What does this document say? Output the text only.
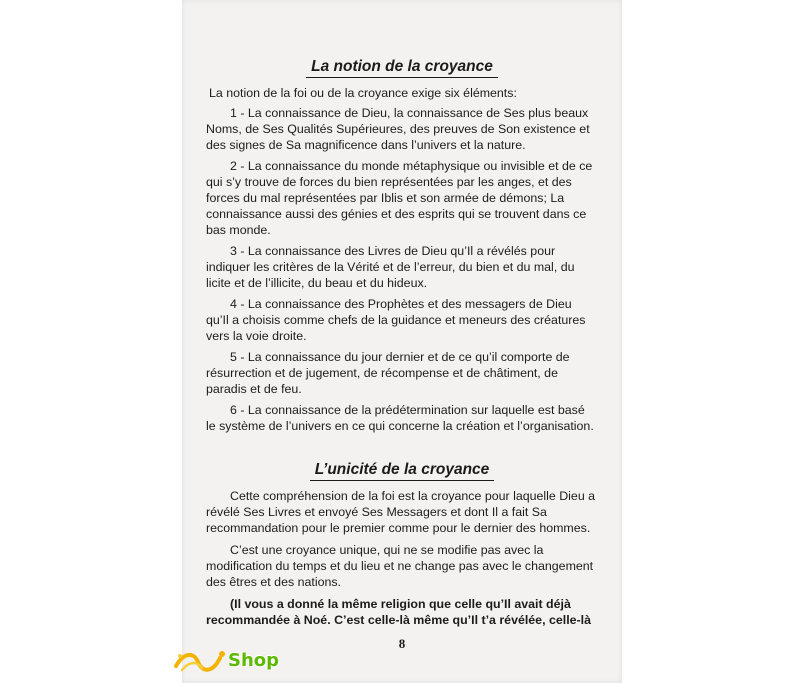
La notion de la croyance
La notion de la foi ou de la croyance exige six éléments:
1 - La connaissance de Dieu, la connaissance de Ses plus beaux
Noms, de Ses Qualités Supérieures, des preuves de Son existence et
des signes de Sa magnificence dans l’univers et la nature.
2 - La connaissance du monde métaphysique ou invisible et de ce
qui s’y trouve de forces du bien représentées par les anges, et des
forces du mal représentées par Iblis et son armée de démons; La
connaissance aussi des génies et des esprits qui se trouvent dans ce
bas monde.
3 - La connaissance des Livres de Dieu qu’Il a révélés pour
indiquer les critères de la Vérité et de l’erreur, du bien et du mal, du
licite et de l’illicite, du beau et du hideux.
4 - La connaissance des Prophètes et des messagers de Dieu
qu’Il a choisis comme chefs de la guidance et meneurs des créatures
vers la voie droite.
5 - La connaissance du jour dernier et de ce qu’il comporte de
résurrection et de jugement, de récompense et de châtiment, de
paradis et de feu.
6 - La connaissance de la prédétermination sur laquelle est basé
le système de l’univers en ce qui concerne la création et l’organisation.
L’unicité de la croyance
Cette compréhension de la foi est la croyance pour laquelle Dieu a
révélé Ses Livres et envoyé Ses Messagers et dont Il a fait Sa
recommandation pour le premier comme pour le dernier des hommes.
C’est une croyance unique, qui ne se modifie pas avec la
modification du temps et du lieu et ne change pas avec le changement
des êtres et des nations.
(Il vous a donné la même religion que celle qu’Il avait déjà
recommandée à Noé. C’est celle-là même qu’Il t’a révélée, celle-là
8
Shop
